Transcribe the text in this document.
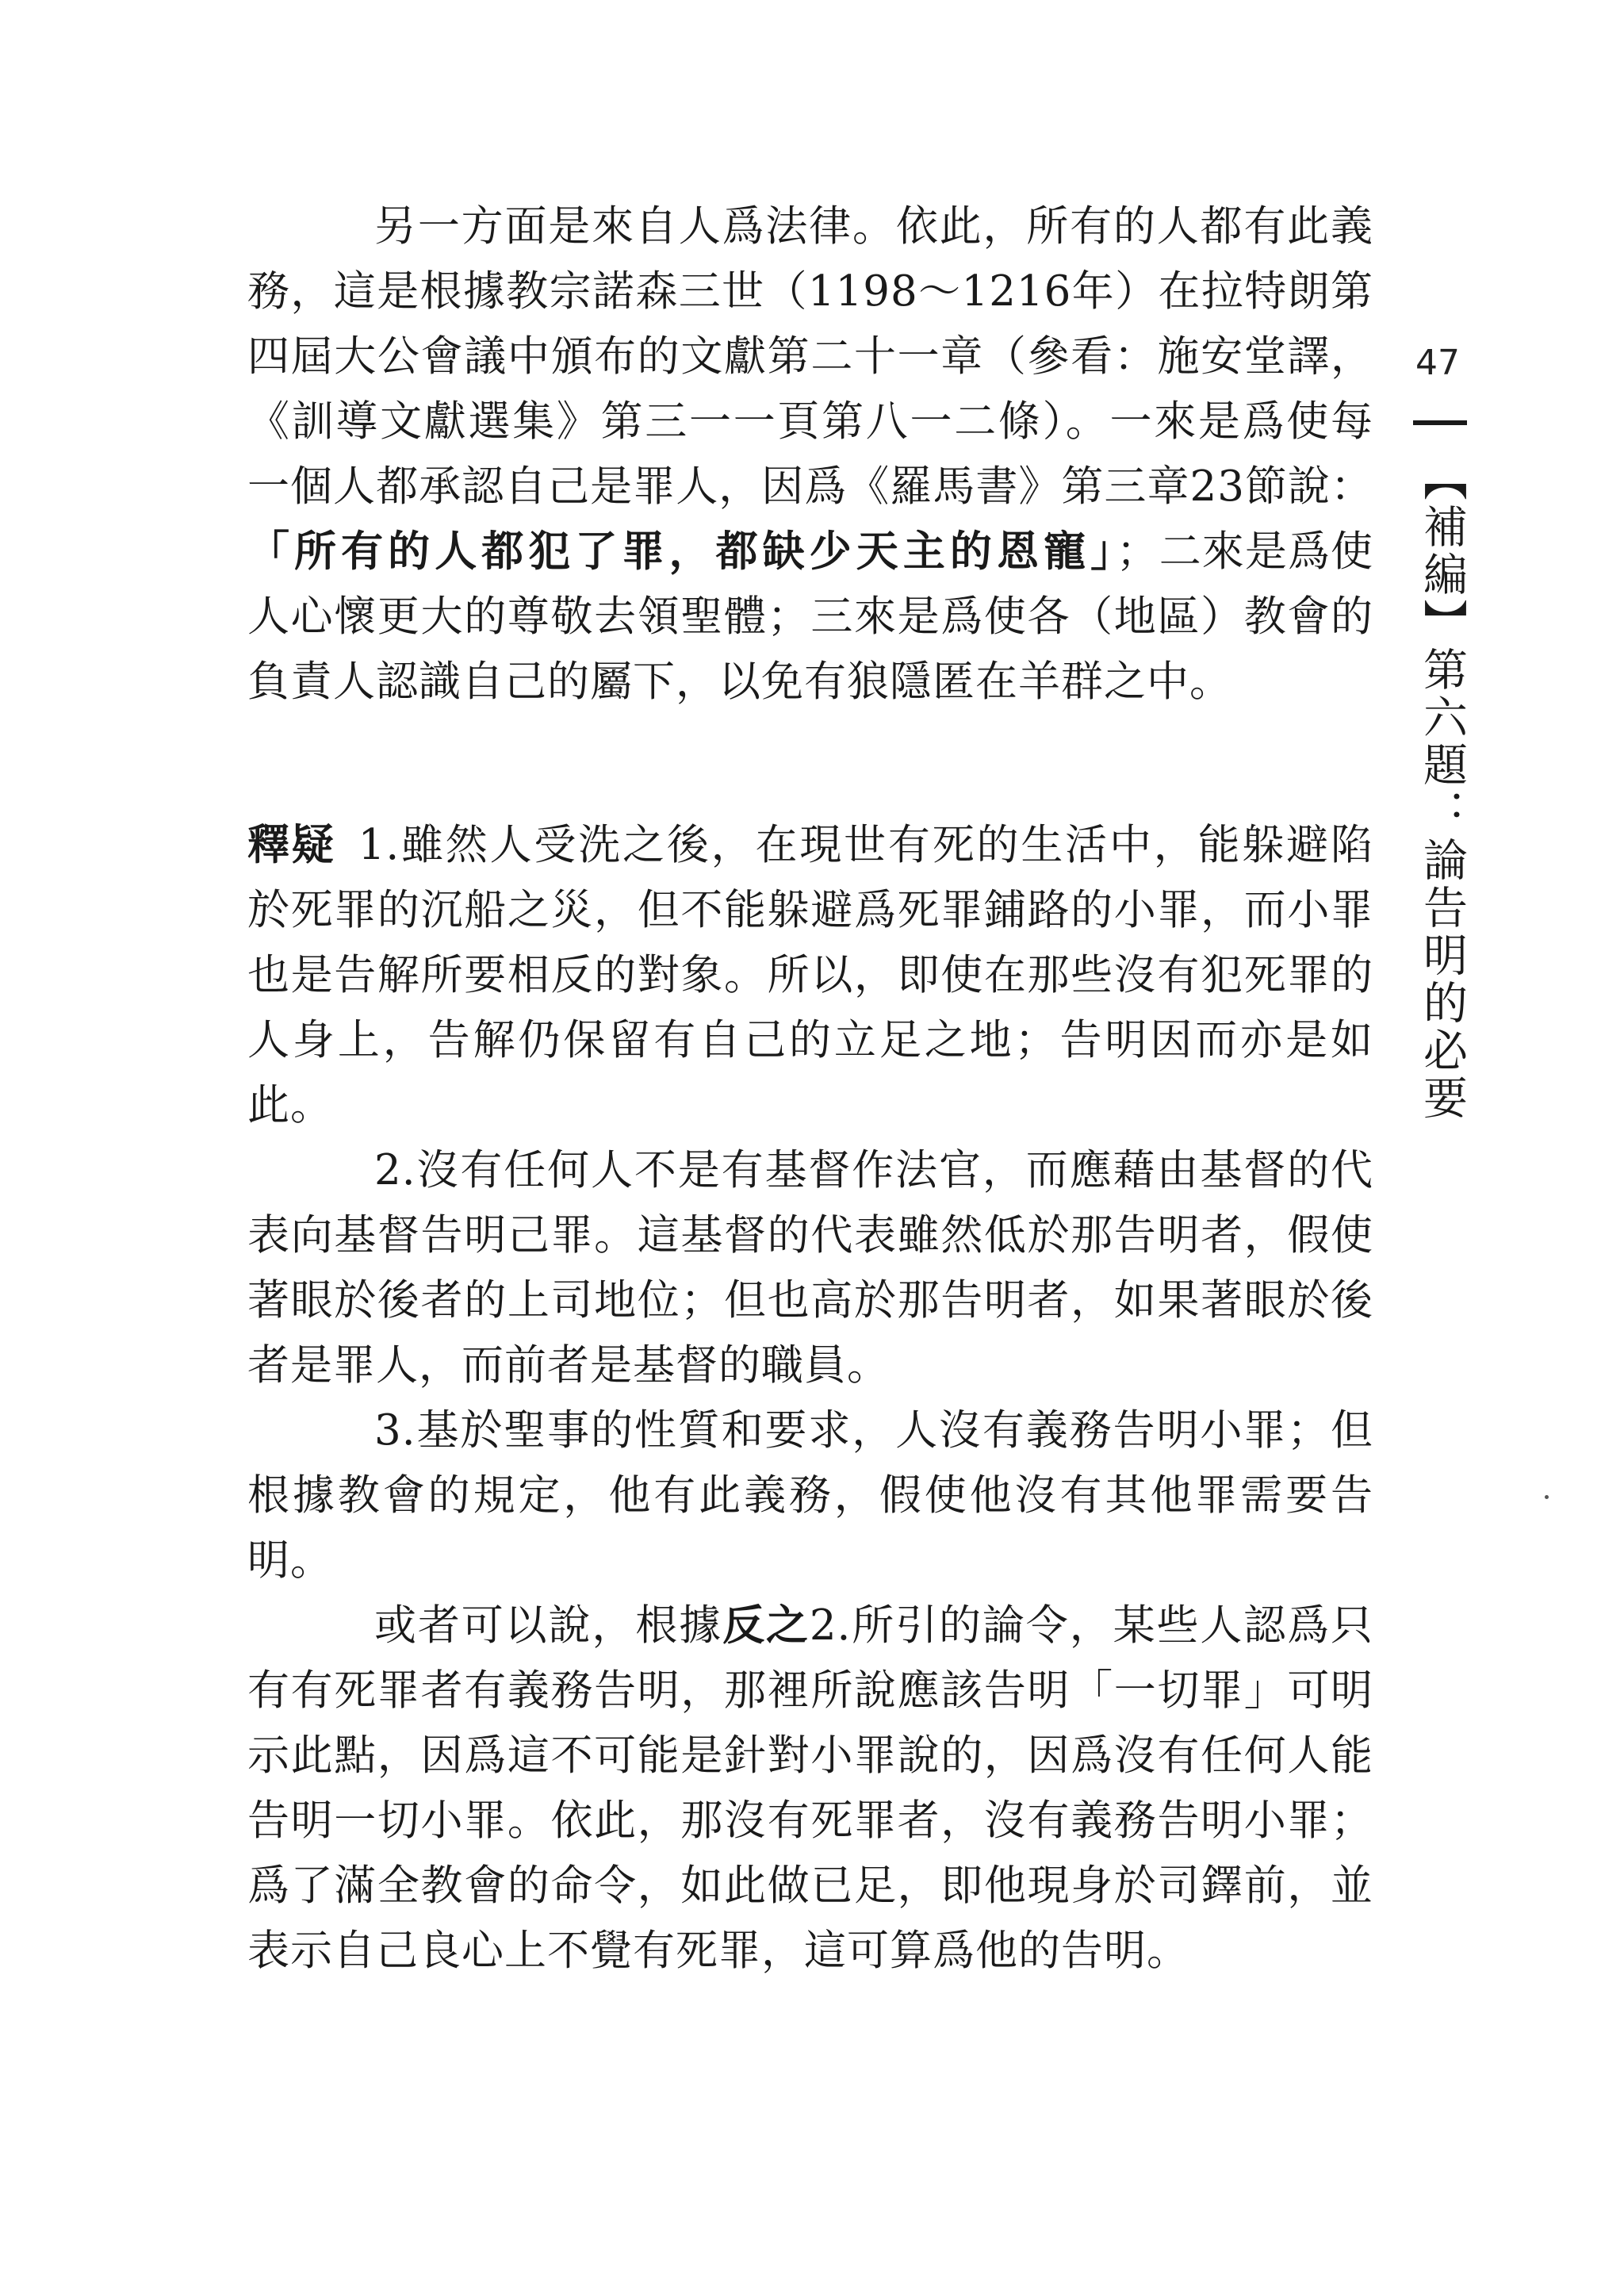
另一方面是來自人爲法律。依此，所有的人都有此義務，這是根據教宗諾森三世（1198～1216年）在拉特朗第四屆大公會議中頒布的文獻第二十一章（參看：施安堂譯，《訓導文獻選集》第三一一頁第八一二條）。一來是爲使每一個人都承認自己是罪人，因爲《羅馬書》第三章23節說：「所有的人都犯了罪，都缺少天主的恩寵」；二來是爲使人心懷更大的尊敬去領聖體；三來是爲使各（地區）教會的負責人認識自己的屬下，以免有狼隱匿在羊群之中。

釋疑 1.雖然人受洗之後，在現世有死的生活中，能躲避陷於死罪的沉船之災，但不能躲避爲死罪鋪路的小罪，而小罪也是告解所要相反的對象。所以，即使在那些沒有犯死罪的人身上，告解仍保留有自己的立足之地；告明因而亦是如此。

2.沒有任何人不是有基督作法官，而應藉由基督的代表向基督告明己罪。這基督的代表雖然低於那告明者，假使著眼於後者的上司地位；但也高於那告明者，如果著眼於後者是罪人，而前者是基督的職員。

3.基於聖事的性質和要求，人沒有義務告明小罪；但根據教會的規定，他有此義務，假使他沒有其他罪需要告明。

或者可以說，根據反之2.所引的論令，某些人認爲只有有死罪者有義務告明，那裡所說應該告明「一切罪」可明示此點，因爲這不可能是針對小罪說的，因爲沒有任何人能告明一切小罪。依此，那沒有死罪者，沒有義務告明小罪；爲了滿全教會的命令，如此做已足，即他現身於司鐸前，並表示自己良心上不覺有死罪，這可算爲他的告明。

47
【補編】第六題：論告明的必要
